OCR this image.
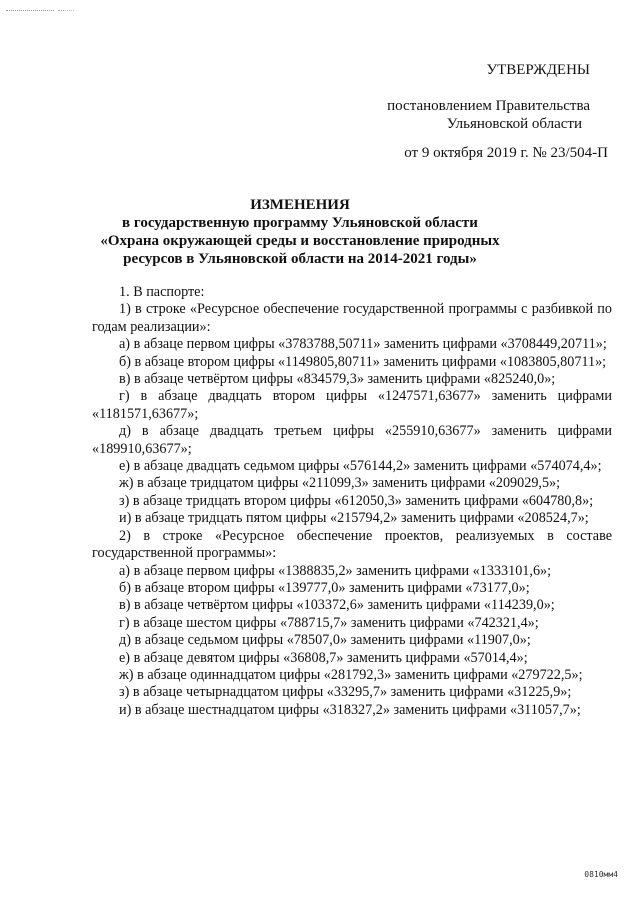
УТВЕРЖДЕНЫ
постановлением Правительства
Ульяновской области
от 9 октября 2019 г. № 23/504-П
ИЗМЕНЕНИЯ
в государственную программу Ульяновской области
«Охрана окружающей среды и восстановление природных
ресурсов в Ульяновской области на 2014-2021 годы»

1. В паспорте:

1) в строке «Ресурсное обеспечение государственной программы с разбивкой по годам реализации»:

а) в абзаце первом цифры «3783788,50711» заменить цифрами «3708449,20711»;

б) в абзаце втором цифры «1149805,80711» заменить цифрами «1083805,80711»;

в) в абзаце четвёртом цифры «834579,3» заменить цифрами «825240,0»;

г) в абзаце двадцать втором цифры «1247571,63677» заменить цифрами «1181571,63677»;

д) в абзаце двадцать третьем цифры «255910,63677» заменить цифрами «189910,63677»;

е) в абзаце двадцать седьмом цифры «576144,2» заменить цифрами «574074,4»;

ж) в абзаце тридцатом цифры «211099,3» заменить цифрами «209029,5»;

з) в абзаце тридцать втором цифры «612050,3» заменить цифрами «604780,8»;

и) в абзаце тридцать пятом цифры «215794,2» заменить цифрами «208524,7»;

2) в строке «Ресурсное обеспечение проектов, реализуемых в составе государственной программы»:

а) в абзаце первом цифры «1388835,2» заменить цифрами «1333101,6»;

б) в абзаце втором цифры «139777,0» заменить цифрами «73177,0»;

в) в абзаце четвёртом цифры «103372,6» заменить цифрами «114239,0»;

г) в абзаце шестом цифры «788715,7» заменить цифрами «742321,4»;

д) в абзаце седьмом цифры «78507,0» заменить цифрами «11907,0»;

е) в абзаце девятом цифры «36808,7» заменить цифрами «57014,4»;

ж) в абзаце одиннадцатом цифры «281792,3» заменить цифрами «279722,5»;

з) в абзаце четырнадцатом цифры «33295,7» заменить цифрами «31225,9»;

и) в абзаце шестнадцатом цифры «318327,2» заменить цифрами «311057,7»;

0810мм4
